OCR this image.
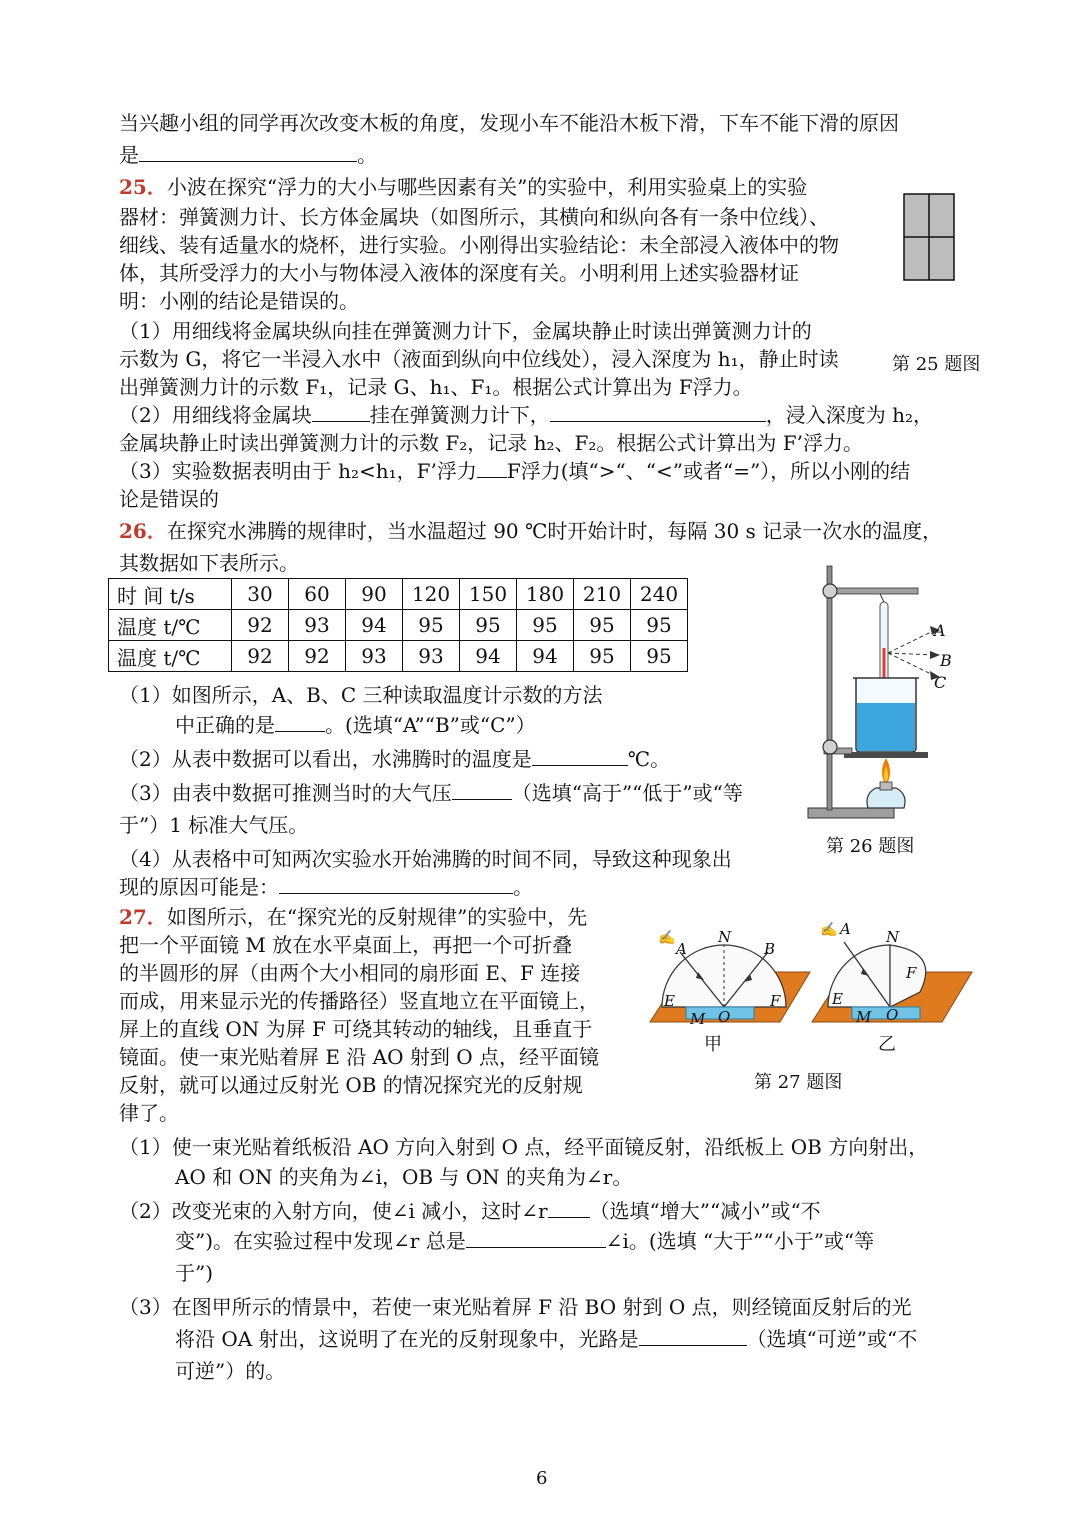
当兴趣小组的同学再次改变木板的角度，发现小车不能沿木板下滑，下车不能下滑的原因
是	。
25．小波在探究“浮力的大小与哪些因素有关”的实验中，利用实验桌上的实验
器材：弹簧测力计、长方体金属块（如图所示，其横向和纵向各有一条中位线）、
细线、装有适量水的烧杯，进行实验。小刚得出实验结论：未全部浸入液体中的物
体，其所受浮力的大小与物体浸入液体的深度有关。小明利用上述实验器材证
明：小刚的结论是错误的。
（1）用细线将金属块纵向挂在弹簧测力计下，金属块静止时读出弹簧测力计的
示数为 G，将它一半浸入水中（液面到纵向中位线处），浸入深度为 h₁，静止时读
出弹簧测力计的示数 F₁，记录 G、h₁、F₁。根据公式计算出为 F浮力。
（2）用细线将金属块	挂在弹簧测力计下，	，浸入深度为 h₂，
金属块静止时读出弹簧测力计的示数 F₂，记录 h₂、F₂。根据公式计算出为 F’浮力。
（3）实验数据表明由于 h₂<h₁，F’浮力 F浮力(填“>“、“<”或者“=”），所以小刚的结
论是错误的
第 25 题图
26．在探究水沸腾的规律时，当水温超过 90 ℃时开始计时，每隔 30 s 记录一次水的温度，
其数据如下表所示。
时 间 t/s	30	60	90	120	150	180	210	240
温度 t/℃	92	93	94	95	95	95	95	95
温度 t/℃	92	92	93	93	94	94	95	95
（1）如图所示，A、B、C 三种读取温度计示数的方法
中正确的是	。(选填“A”“B”或“C”）
（2）从表中数据可以看出，水沸腾时的温度是	℃。
（3）由表中数据可推测当时的大气压	（选填“高于”“低于”或“等
于”）1 标准大气压。
（4）从表格中可知两次实验水开始沸腾的时间不同，导致这种现象出
现的原因可能是：	。
A
B
C
第 26 题图
27．如图所示，在“探究光的反射规律”的实验中，先
把一个平面镜 M 放在水平桌面上，再把一个可折叠
的半圆形的屏（由两个大小相同的扇形面 E、F 连接
而成，用来显示光的传播路径）竖直地立在平面镜上，
屏上的直线 ON 为屏 F 可绕其转动的轴线，且垂直于
镜面。使一束光贴着屏 E 沿 AO 射到 O 点，经平面镜
反射，就可以通过反射光 OB 的情况探究光的反射规
律了。
✍	✍
A
N
B
E	F
M O
A N
F
E
M O
甲	乙
第 27 题图
（1）使一束光贴着纸板沿 AO 方向入射到 O 点，经平面镜反射，沿纸板上 OB 方向射出，
AO 和 ON 的夹角为∠i，OB 与 ON 的夹角为∠r。
（2）改变光束的入射方向，使∠i 减小，这时∠r （选填“增大”“减小”或“不
变”)。在实验过程中发现∠r 总是	∠i。(选填 “大于”“小于”或“等
于”)
（3）在图甲所示的情景中，若使一束光贴着屏 F 沿 BO 射到 O 点，则经镜面反射后的光
将沿 OA 射出，这说明了在光的反射现象中，光路是	（选填“可逆”或“不
可逆”）的。
6
